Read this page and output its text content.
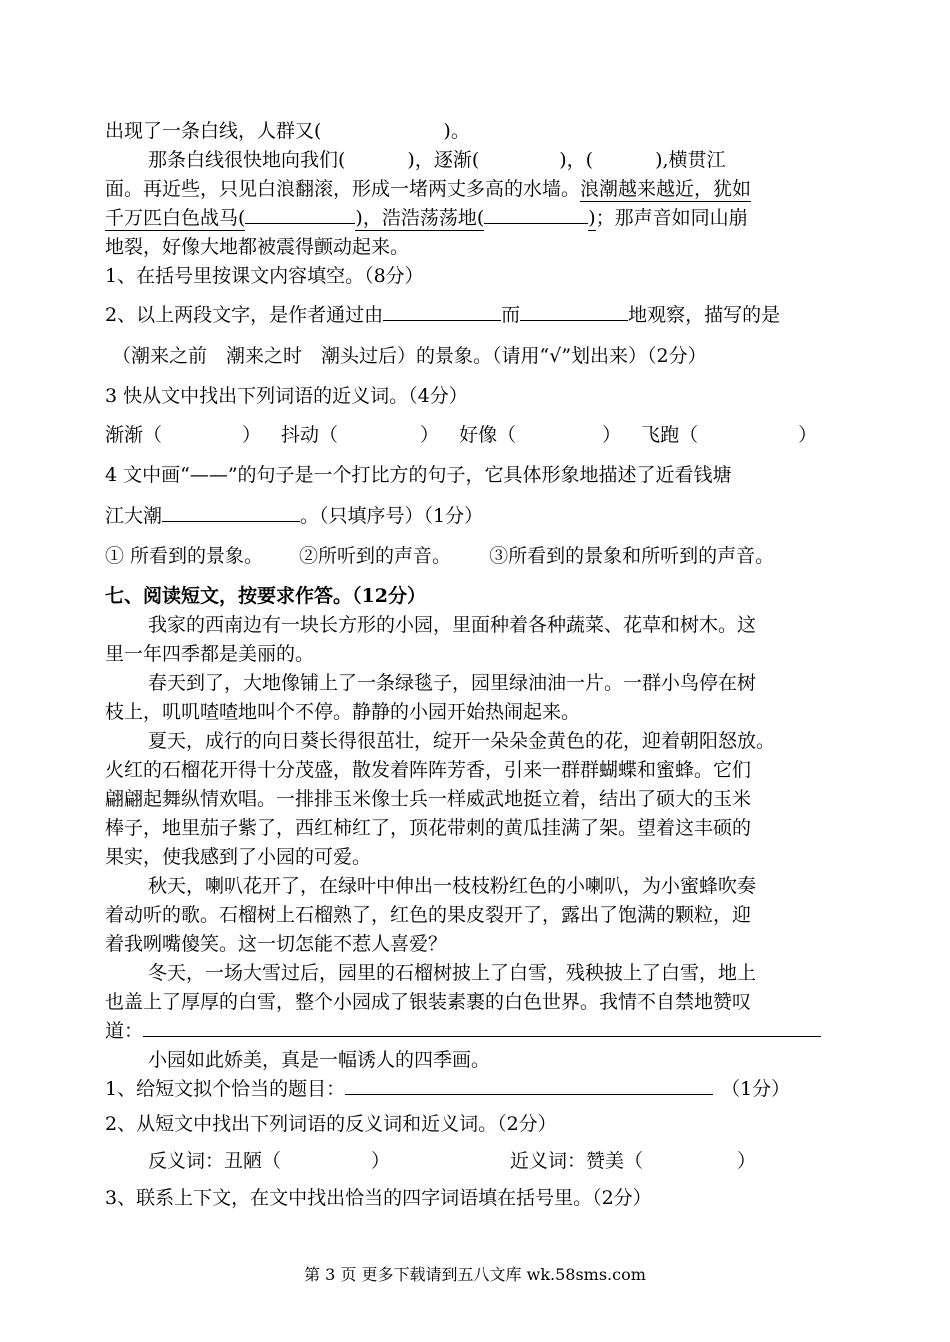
出现了一条白线，人群又(	)。
那条白线很快地向我们(	)，逐渐(	)，(	),横贯江
面。再近些，只见白浪翻滚，形成一堵两丈多高的水墙。浪潮越来越近，犹如
千万匹白色战马(	)，浩浩荡荡地(	)；那声音如同山崩
地裂，好像大地都被震得颤动起来。
1、在括号里按课文内容填空。（8分）
2、以上两段文字，是作者通过由	而	地观察，描写的是
（潮来之前　潮来之时　潮头过后）的景象。（请用“√”划出来）（2分）
3 快从文中找出下列词语的近义词。（4分）
渐渐（	） 抖动（	） 好像（	） 飞跑（	）
4 文中画“——”的句子是一个打比方的句子，它具体形象地描述了近看钱塘
江大潮	。（只填序号）（1分）
① 所看到的景象。 ②所听到的声音。 ③所看到的景象和所听到的声音。
七、阅读短文，按要求作答。（12分）
我家的西南边有一块长方形的小园，里面种着各种蔬菜、花草和树木。这
里一年四季都是美丽的。
春天到了，大地像铺上了一条绿毯子，园里绿油油一片。一群小鸟停在树
枝上，叽叽喳喳地叫个不停。静静的小园开始热闹起来。
夏天，成行的向日葵长得很茁壮，绽开一朵朵金黄色的花，迎着朝阳怒放。
火红的石榴花开得十分茂盛，散发着阵阵芳香，引来一群群蝴蝶和蜜蜂。它们
翩翩起舞纵情欢唱。一排排玉米像士兵一样威武地挺立着，结出了硕大的玉米
棒子，地里茄子紫了，西红柿红了，顶花带刺的黄瓜挂满了架。望着这丰硕的
果实，使我感到了小园的可爱。
秋天，喇叭花开了，在绿叶中伸出一枝枝粉红色的小喇叭，为小蜜蜂吹奏
着动听的歌。石榴树上石榴熟了，红色的果皮裂开了，露出了饱满的颗粒，迎
着我咧嘴傻笑。这一切怎能不惹人喜爱？
冬天，一场大雪过后，园里的石榴树披上了白雪，残秧披上了白雪，地上
也盖上了厚厚的白雪，整个小园成了银装素裹的白色世界。我情不自禁地赞叹
道：
小园如此娇美，真是一幅诱人的四季画。
1、给短文拟个恰当的题目：	（1分）
2、从短文中找出下列词语的反义词和近义词。（2分）
反义词：丑陋（	）	近义词：赞美（	）
3、联系上下文，在文中找出恰当的四字词语填在括号里。（2分）
第 3 页 更多下载请到五八文库 wk.58sms.com
